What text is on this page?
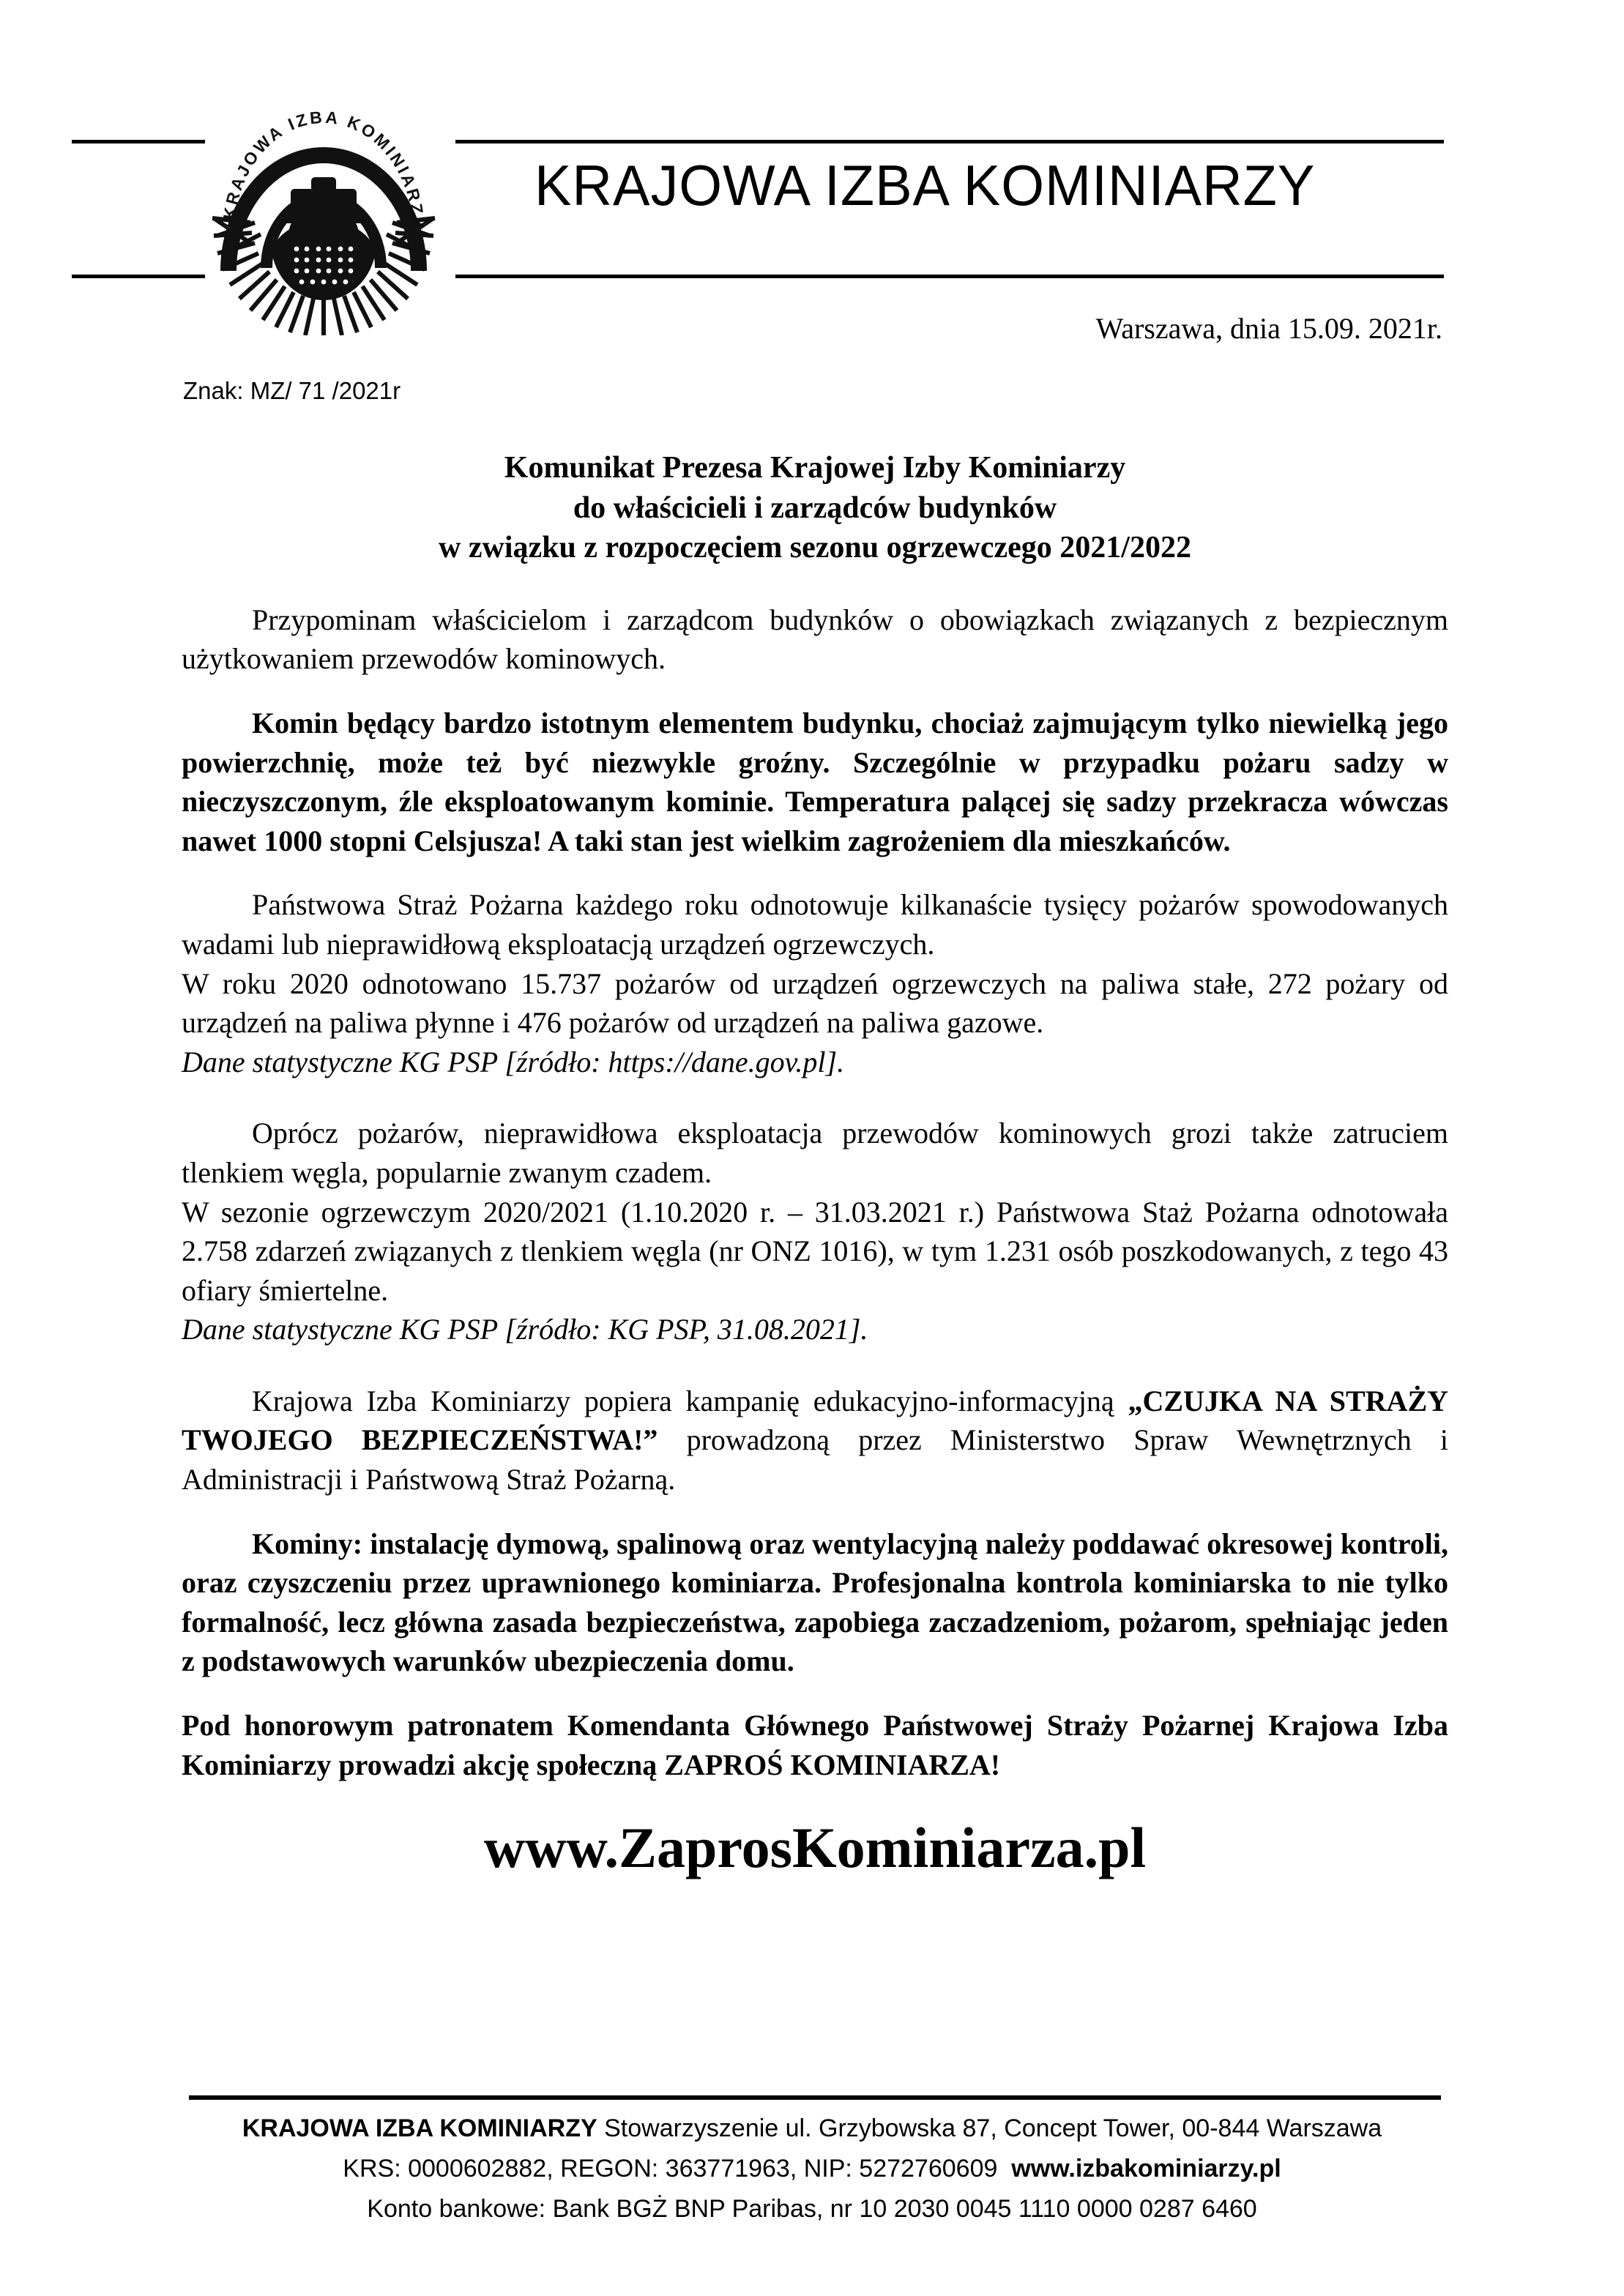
KRAJOWA IZBA KOMINIARZY
KRAJOWA IZBA KOMINIARZY
Warszawa, dnia 15.09. 2021r.
Znak: MZ/ 71 /2021r
Komunikat Prezesa Krajowej Izby Kominiarzy
do właścicieli i zarządców budynków
w związku z rozpoczęciem sezonu ogrzewczego 2021/2022

Przypominam właścicielom i zarządcom budynków o obowiązkach związanych z bezpiecznym użytkowaniem przewodów kominowych.

Komin będący bardzo istotnym elementem budynku, chociaż zajmującym tylko niewielką jego powierzchnię, może też być niezwykle groźny. Szczególnie w przypadku pożaru sadzy w nieczyszczonym, źle eksploatowanym kominie. Temperatura palącej się sadzy przekracza wówczas nawet 1000 stopni Celsjusza! A taki stan jest wielkim zagrożeniem dla mieszkańców.

Państwowa Straż Pożarna każdego roku odnotowuje kilkanaście tysięcy pożarów spowodowanych wadami lub nieprawidłową eksploatacją urządzeń ogrzewczych.

W roku 2020 odnotowano 15.737 pożarów od urządzeń ogrzewczych na paliwa stałe, 272 pożary od urządzeń na paliwa płynne i 476 pożarów od urządzeń na paliwa gazowe.

Dane statystyczne KG PSP [źródło: https://dane.gov.pl].

Oprócz pożarów, nieprawidłowa eksploatacja przewodów kominowych grozi także zatruciem tlenkiem węgla, popularnie zwanym czadem.

W sezonie ogrzewczym 2020/2021 (1.10.2020 r. – 31.03.2021 r.) Państwowa Staż Pożarna odnotowała 2.758 zdarzeń związanych z tlenkiem węgla (nr ONZ 1016), w tym 1.231 osób poszkodowanych, z tego 43 ofiary śmiertelne.

Dane statystyczne KG PSP [źródło: KG PSP, 31.08.2021].

Krajowa Izba Kominiarzy popiera kampanię edukacyjno-informacyjną „CZUJKA NA STRAŻY TWOJEGO BEZPIECZEŃSTWA!” prowadzoną przez Ministerstwo Spraw Wewnętrznych i Administracji i Państwową Straż Pożarną.

Kominy: instalację dymową, spalinową oraz wentylacyjną należy poddawać okresowej kontroli, oraz czyszczeniu przez uprawnionego kominiarza. Profesjonalna kontrola kominiarska to nie tylko formalność, lecz główna zasada bezpieczeństwa, zapobiega zaczadzeniom, pożarom, spełniając jeden z podstawowych warunków ubezpieczenia domu.

Pod honorowym patronatem Komendanta Głównego Państwowej Straży Pożarnej Krajowa Izba Kominiarzy prowadzi akcję społeczną ZAPROŚ KOMINIARZA!

www.ZaprosKominiarza.pl
KRAJOWA IZBA KOMINIARZY Stowarzyszenie ul. Grzybowska 87, Concept Tower, 00-844 Warszawa
KRS: 0000602882, REGON: 363771963, NIP: 5272760609 www.izbakominiarzy.pl
Konto bankowe: Bank BGŻ BNP Paribas, nr 10 2030 0045 1110 0000 0287 6460
